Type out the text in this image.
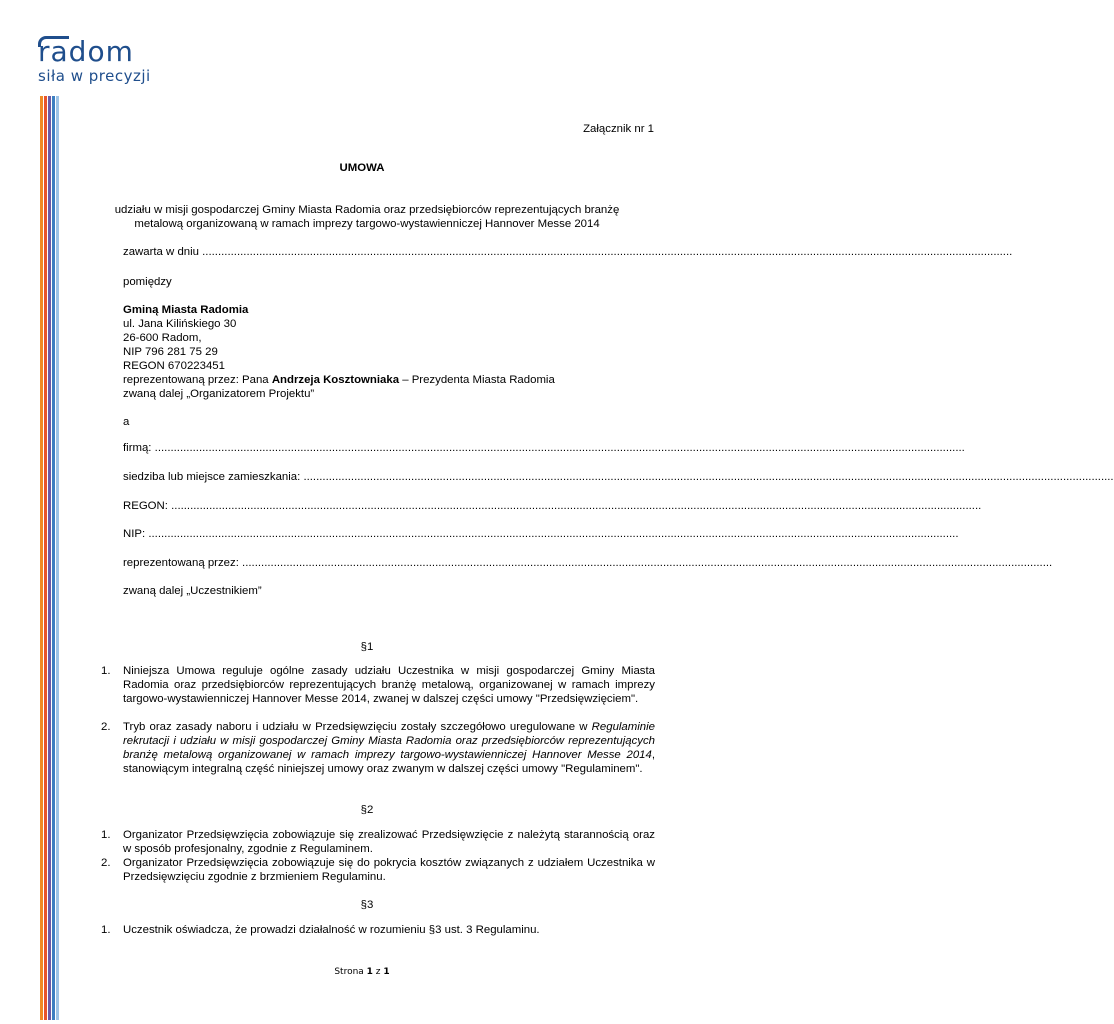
radom
siła w precyzji
Załącznik nr 1
UMOWA
udziału w misji gospodarczej Gminy Miasta Radomia oraz przedsiębiorców reprezentujących branżę
metalową organizowaną w ramach imprezy targowo-wystawienniczej Hannover Messe 2014
zawarta w dniu ................................................................................................................................................................................................................................................................
pomiędzy
Gminą Miasta Radomia
ul. Jana Kilińskiego 30
26-600 Radom,
NIP 796 281 75 29
REGON 670223451
reprezentowaną przez: Pana Andrzeja Kosztowniaka – Prezydenta Miasta Radomia
zwaną dalej „Organizatorem Projektu”
a
firmą: ................................................................................................................................................................................................................................................................
siedziba lub miejsce zamieszkania: ................................................................................................................................................................................................................................................................
REGON: ................................................................................................................................................................................................................................................................
NIP: ................................................................................................................................................................................................................................................................
reprezentowaną przez: ................................................................................................................................................................................................................................................................
zwaną dalej „Uczestnikiem”
§1
1. Niniejsza Umowa reguluje ogólne zasady udziału Uczestnika w misji gospodarczej Gminy Miasta Radomia oraz przedsiębiorców reprezentujących branżę metalową, organizowanej w ramach imprezy targowo-wystawienniczej Hannover Messe 2014, zwanej w dalszej części umowy "Przedsięwzięciem".
2. Tryb oraz zasady naboru i udziału w Przedsięwzięciu zostały szczegółowo uregulowane w Regulaminie rekrutacji i udziału w misji gospodarczej Gminy Miasta Radomia oraz przedsiębiorców reprezentujących branżę metalową organizowanej w ramach imprezy targowo-wystawienniczej Hannover Messe 2014, stanowiącym integralną część niniejszej umowy oraz zwanym w dalszej części umowy "Regulaminem".
§2
1. Organizator Przedsięwzięcia zobowiązuje się zrealizować Przedsięwzięcie z należytą starannością oraz w sposób profesjonalny, zgodnie z Regulaminem.
2. Organizator Przedsięwzięcia zobowiązuje się do pokrycia kosztów związanych z udziałem Uczestnika w Przedsięwzięciu zgodnie z brzmieniem Regulaminu.
§3
1. Uczestnik oświadcza, że prowadzi działalność w rozumieniu §3 ust. 3 Regulaminu.
Strona 1 z 1
